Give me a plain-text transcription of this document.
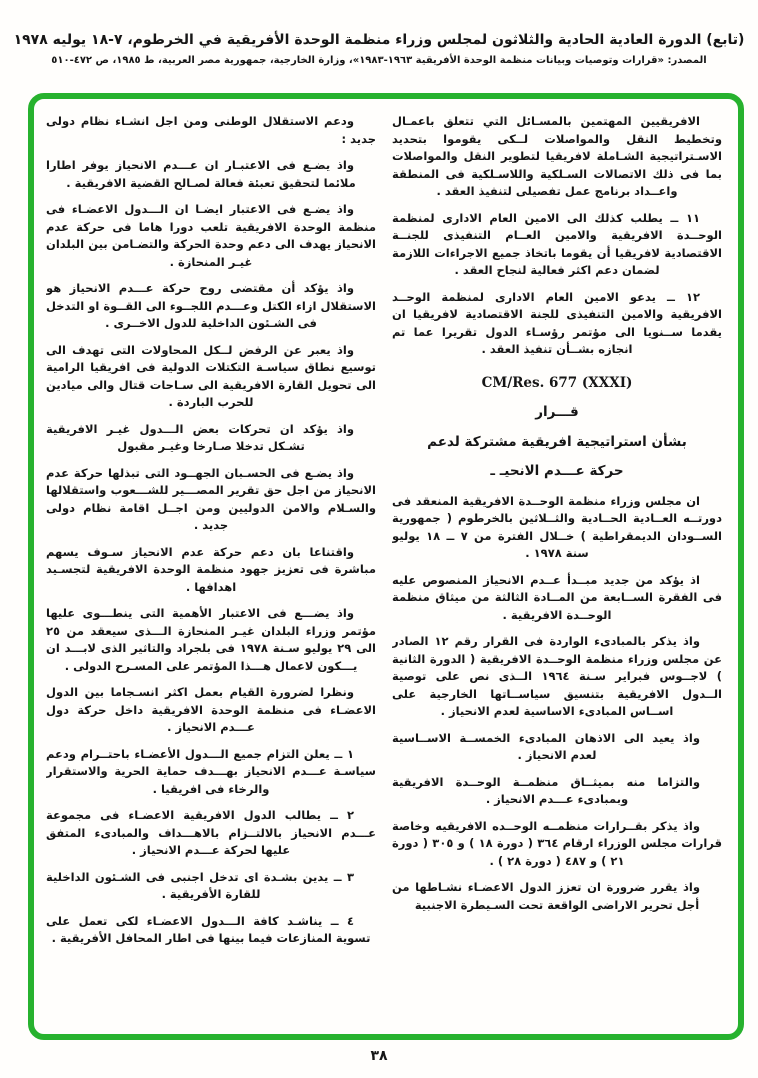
(تابع) الدورة العادية الحادية والثلاثون لمجلس وزراء منظمة الوحدة الأفريقية في الخرطوم، ٧-١٨ يوليه ١٩٧٨
المصدر: «قرارات وتوصيات وبيانات منظمة الوحدة الأفريقية ١٩٦٣-١٩٨٣»، وزارة الخارجية، جمهورية مصر العربية، ط ١٩٨٥، ص ٤٧٢-٥١٠

الافريقيين المهتمين بالمسـائل التي تتعلق باعمـال وتخطيط النقل والمواصلات لــكى يقوموا بتحديد الاسـتراتيجية الشـاملة لافريقيا لتطوير النقل والمواصلات بما فى ذلك الاتصالات السـلكية واللاسـلكية فى المنطقة واعــداد برنامج عمل تفصيلى لتنفيذ العقد .

١١ ــ يطلب كذلك الى الامين العام الادارى لمنظمة الوحــدة الافريقية والامين العــام التنفيذى للجنــة الاقتصادية لافريقيا أن يقوما باتخاذ جميع الاجراءات اللازمة لضمان دعم اكثر فعالية لنجاح العقد .

١٢ ــ يدعو الامين العام الادارى لمنظمة الوحــد الافريقية والامين التنفيذى للجنة الاقتصادية لافريقيا ان يقدما ســنويا الى مؤتمر رؤسـاء الدول تقريرا عما تم انجازه بشــأن تنفيذ العقد .

CM/Res. 677 (XXXI)

قـــرار

بشأن استراتيجية افريقية مشتركة لدعم

حركة عـــدم الانحيـ ـ

ان مجلس وزراء منظمة الوحــدة الافريقية المنعقد فى دورتــه العــادية الحــادية والثــلاثين بالخرطوم ( جمهورية الســودان الديمقراطية ) خــلال الفترة من ٧ ــ ١٨ يوليو سنة ١٩٧٨ .

اذ يؤكد من جديد مبــدأ عــدم الانحياز المنصوص عليه فى الفقرة الســابعة من المــادة الثالثة من ميثاق منظمة الوحــدة الافريقية .

واذ يذكر بالمبادىء الواردة فى القرار رقم ١٢ الصادر عن مجلس وزراء منظمة الوحــدة الافريقية ( الدورة الثانية ) لاجــوس فبراير سـنة ١٩٦٤ الــذى نص على توصية الــدول الافريقية بتنسيق سياســاتها الخارجية على اســاس المبادىء الاساسية لعدم الانحياز .

واذ يعيد الى الاذهان المبادىء الخمســة الاســاسية لعدم الانحياز .

والتزاما منه بميثــاق منظمــة الوحــدة الافريقية وبمبادىء عـــدم الانحياز .

واذ يذكر بقــرارات منظمــه الوحــده الافريقيه وخاصة قرارات مجلس الوزراء ارقام ٣٦٤ ( دورة ١٨ ) و ٣٠٥ ( دورة ٢١ ) و ٤٨٧ ( دورة ٢٨ ) .

واذ يقرر ضرورة ان تعزز الدول الاعضـاء نشـاطها من أجل تحرير الاراضى الواقعة تحت السـيطرة الاجنبية

ودعم الاستقلال الوطنى ومن اجل انشـاء نظام دولى جديد :

واذ يضـع فى الاعتبـار ان عـــدم الانحياز يوفر اطارا ملائما لتحقيق تعبئة فعالة لصـالح القضية الافريقية .

واذ يضـع فى الاعتبار ايضـا ان الـــدول الاعضـاء فى منظمة الوحدة الافريقية تلعب دورا هاما فى حركة عدم الانحياز يهدف الى دعم وحدة الحركة والتضـامن بين البلدان غيـر المنحازة .

واذ يؤكد أن مقتضى روح حركة عـــدم الانحياز هو الاستقلال ازاء الكتل وعـــدم اللجــوء الى القــوة او التدخل فى الشـئون الداخلية للدول الاخــرى .

واذ يعبر عن الرفض لــكل المحاولات التى تهدف الى توسيع نطاق سياسـة التكتلات الدولية فى افريقيا الرامية الى تحويل القارة الافريقية الى سـاحات قتال والى ميادين للحرب الباردة .

واذ يؤكد ان تحركات بعض الـــدول غيـر الافريقية تشـكل تدخلا صـارخا وغيـر مقبول

واذ يضـع فى الحسـبان الجهــود التى تبذلها حركة عدم الانحياز من اجل حق تقرير المصـــير للشـــعوب واستقلالها والسـلام والامن الدوليين ومن اجــل اقامة نظام دولى جديد .

واقتناعا بان دعم حركة عدم الانحياز سـوف يسهم مباشرة فى تعزيز جهود منظمة الوحدة الافريقية لتجسـيد اهدافها .

واذ يضـــع فى الاعتبار الأهمية التى ينطـــوى عليها مؤتمر وزراء البلدان غيـر المنحازة الـــذى سيعقد من ٢٥ الى ٢٩ يوليو سـنة ١٩٧٨ فى بلجراد والتاثير الذى لابـــد ان يـــكون لاعمال هـــذا المؤتمر على المسـرح الدولى .

ونظرا لضرورة القيام بعمل اكثر انسـجاما بين الدول الاعضـاء فى منظمة الوحدة الافريقية داخل حركة دول عـــدم الانحياز .

١ ــ يعلن التزام جميع الـــدول الأعضـاء باحتــرام ودعم سياسـة عـــدم الانحياز بهـــدف حماية الحرية والاستقرار والرخاء فى افريقيا .

٢ ــ يطالب الدول الافريقية الاعضـاء فى مجموعة عـــدم الانحياز بالالتــزام بالاهـــداف والمبادىء المتفق عليها لحركة عـــدم الانحياز .

٣ ــ يدين بشـدة اى تدخل اجنبى فى الشـئون الداخلية للقارة الأفريقية .

٤ ــ يناشـد كافة الـــدول الاعضـاء لكى تعمل على تسوية المنازعات فيما بينها فى اطار المحافل الأفريقية .

٣٨
